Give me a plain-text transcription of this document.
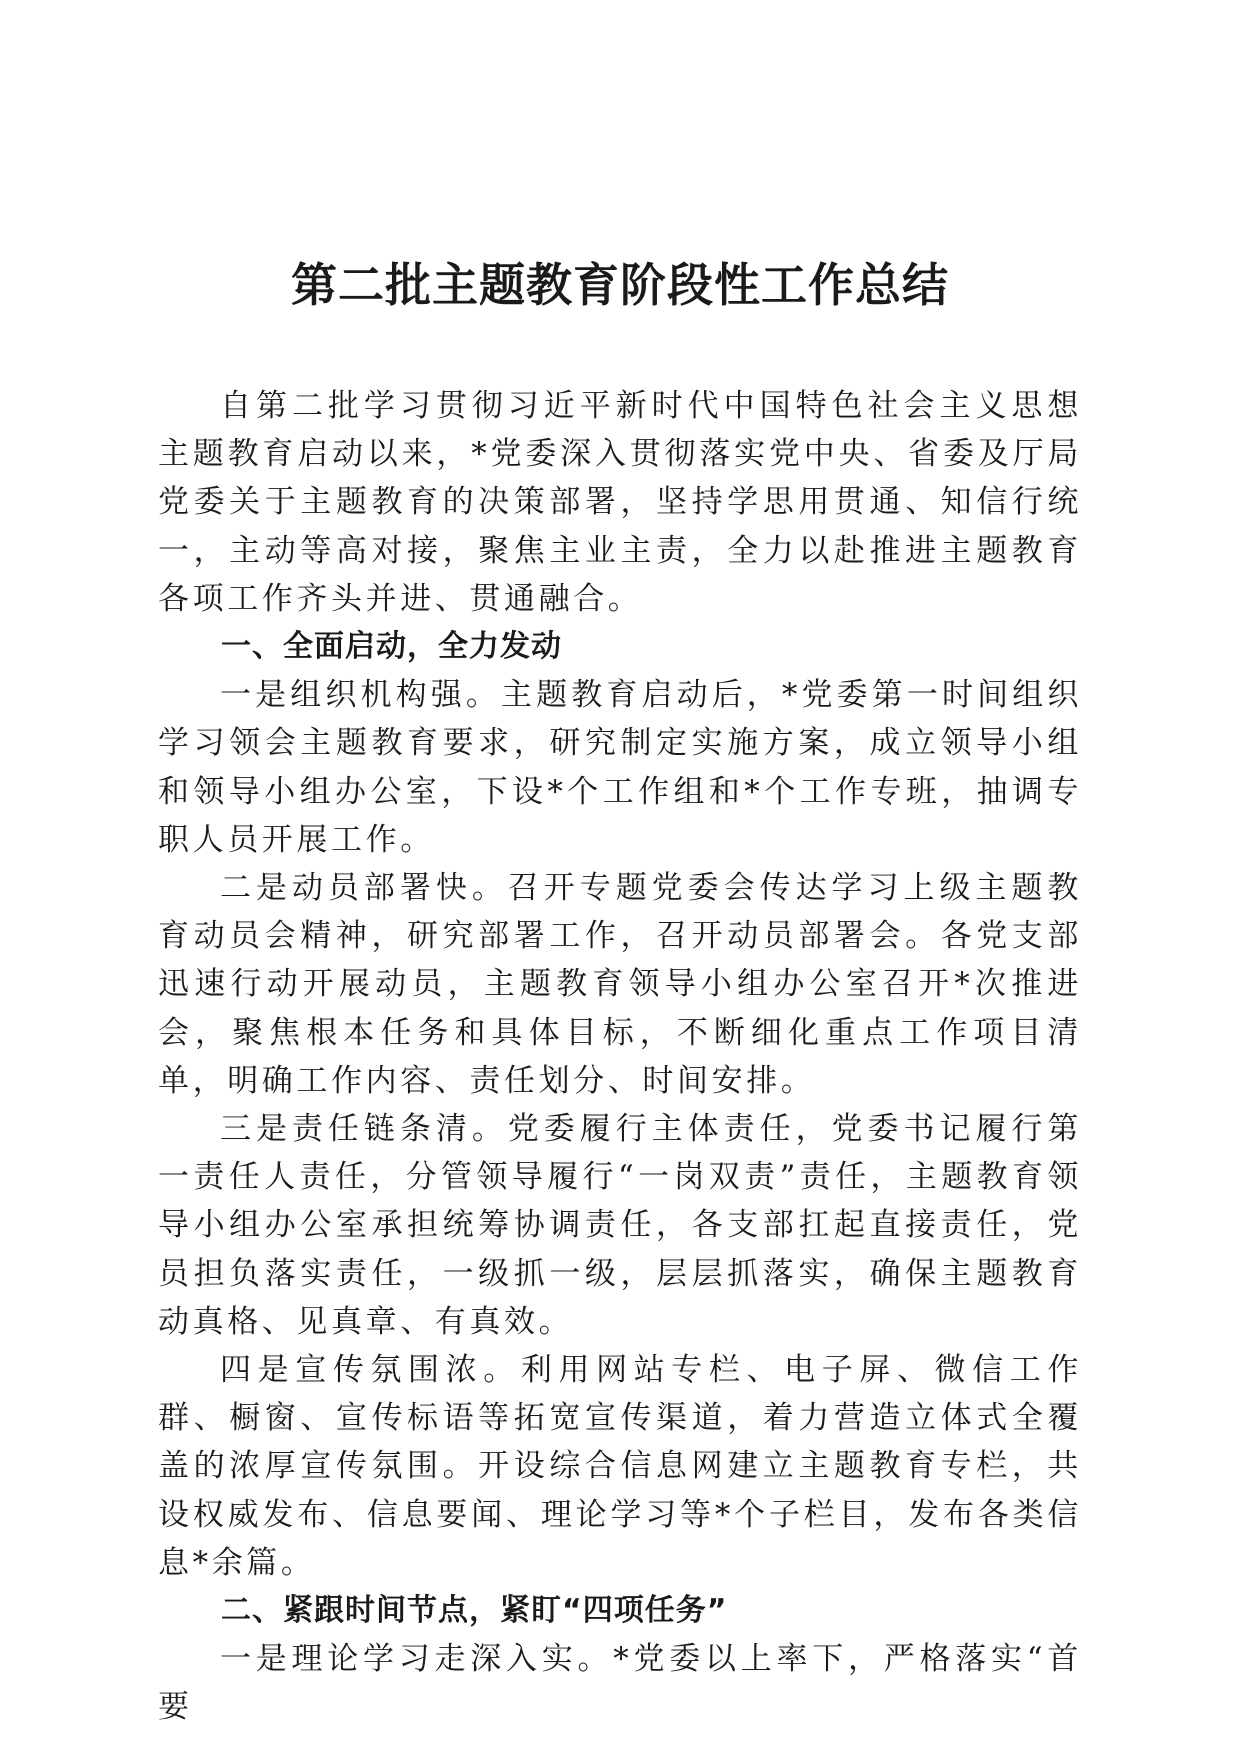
第二批主题教育阶段性工作总结

自第二批学习贯彻习近平新时代中国特色社会主义思想主题教育启动以来，*党委深入贯彻落实党中央、省委及厅局党委关于主题教育的决策部署，坚持学思用贯通、知信行统一，主动等高对接，聚焦主业主责，全力以赴推进主题教育各项工作齐头并进、贯通融合。

一、全面启动，全力发动

一是组织机构强。主题教育启动后，*党委第一时间组织学习领会主题教育要求，研究制定实施方案，成立领导小组和领导小组办公室，下设*个工作组和*个工作专班，抽调专职人员开展工作。

二是动员部署快。召开专题党委会传达学习上级主题教育动员会精神，研究部署工作，召开动员部署会。各党支部迅速行动开展动员，主题教育领导小组办公室召开*次推进会，聚焦根本任务和具体目标，不断细化重点工作项目清单，明确工作内容、责任划分、时间安排。

三是责任链条清。党委履行主体责任，党委书记履行第一责任人责任，分管领导履行“一岗双责”责任，主题教育领导小组办公室承担统筹协调责任，各支部扛起直接责任，党员担负落实责任，一级抓一级，层层抓落实，确保主题教育动真格、见真章、有真效。

四是宣传氛围浓。利用网站专栏、电子屏、微信工作群、橱窗、宣传标语等拓宽宣传渠道，着力营造立体式全覆盖的浓厚宣传氛围。开设综合信息网建立主题教育专栏，共设权威发布、信息要闻、理论学习等*个子栏目，发布各类信息*余篇。

二、紧跟时间节点，紧盯“四项任务”

一是理论学习走深入实。*党委以上率下，严格落实“首要
